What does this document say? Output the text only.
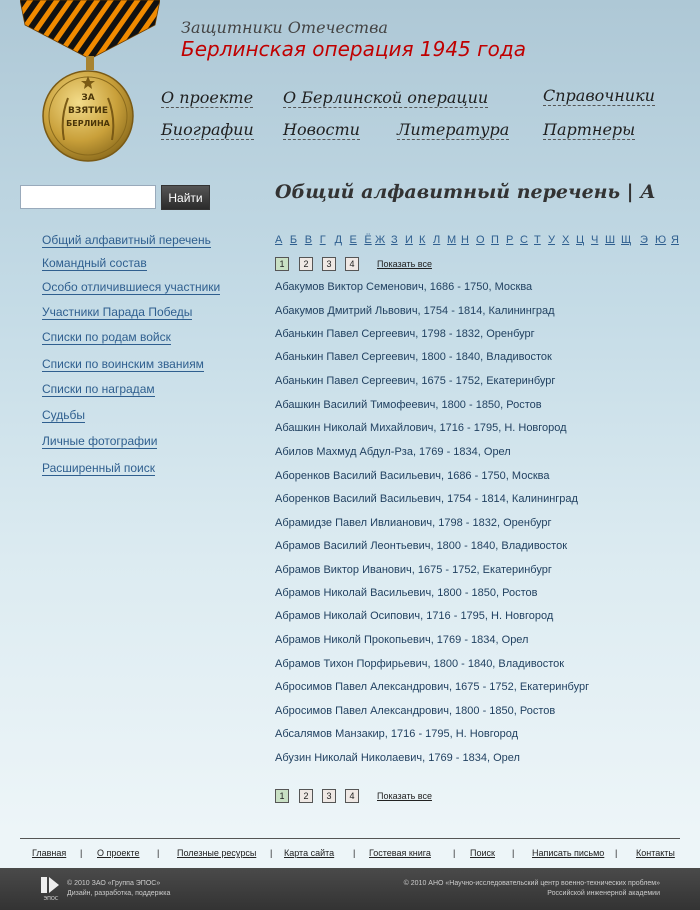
ЗА
ВЗЯТИЕ
БЕРЛИНА
Защитники Отечества
Берлинская операция 1945 года
О проекте О Берлинской операции	Справочники
Биографии Новости Литература Партнеры
Найти
Общий алфавитный перечень
Командный состав
Особо отличившиеся участники
Участники Парада Победы
Списки по родам войск
Списки по воинским званиям
Списки по наградам
Судьбы
Личные фотографии
Расширенный поиск
Общий алфавитный перечень | А
А Б В Г Д Е Ё Ж З И К Л М Н О П Р С Т У Х Ц Ч Ш Щ Э Ю Я
1	2	3	4	Показать все
Абакумов Виктор Семенович, 1686 - 1750, Москва
Абакумов Дмитрий Львович, 1754 - 1814, Калининград
Абанькин Павел Сергеевич, 1798 - 1832, Оренбург
Абанькин Павел Сергеевич, 1800 - 1840, Владивосток
Абанькин Павел Сергеевич, 1675 - 1752, Екатеринбург
Абашкин Василий Тимофеевич, 1800 - 1850, Ростов
Абашкин Николай Михайлович, 1716 - 1795, Н. Новгород
Абилов Махмуд Абдул-Рза, 1769 - 1834, Орел
Аборенков Василий Васильевич, 1686 - 1750, Москва
Аборенков Василий Васильевич, 1754 - 1814, Калининград
Абрамидзе Павел Ивлианович, 1798 - 1832, Оренбург
Абрамов Василий Леонтьевич, 1800 - 1840, Владивосток
Абрамов Виктор Иванович, 1675 - 1752, Екатеринбург
Абрамов Николай Васильевич, 1800 - 1850, Ростов
Абрамов Николай Осипович, 1716 - 1795, Н. Новгород
Абрамов Николй Прокопьевич, 1769 - 1834, Орел
Абрамов Тихон Порфирьевич, 1800 - 1840, Владивосток
Абросимов Павел Александрович, 1675 - 1752, Екатеринбург
Абросимов Павел Александрович, 1800 - 1850, Ростов
Абсалямов Манзакир, 1716 - 1795, Н. Новгород
Абузин Николай Николаевич, 1769 - 1834, Орел
1	2	3	4	Показать все
Главная | О проекте | Полезные ресурсы | Карта сайта | Гостевая книга | Поиск | Написать письмо | Контакты
ЭПОС
© 2010 ЗАО «Группа ЭПОС»
Дизайн, разработка, поддержка
© 2010 АНО «Научно-исследовательский центр военно-технических проблем»
Российской инженерной академии
